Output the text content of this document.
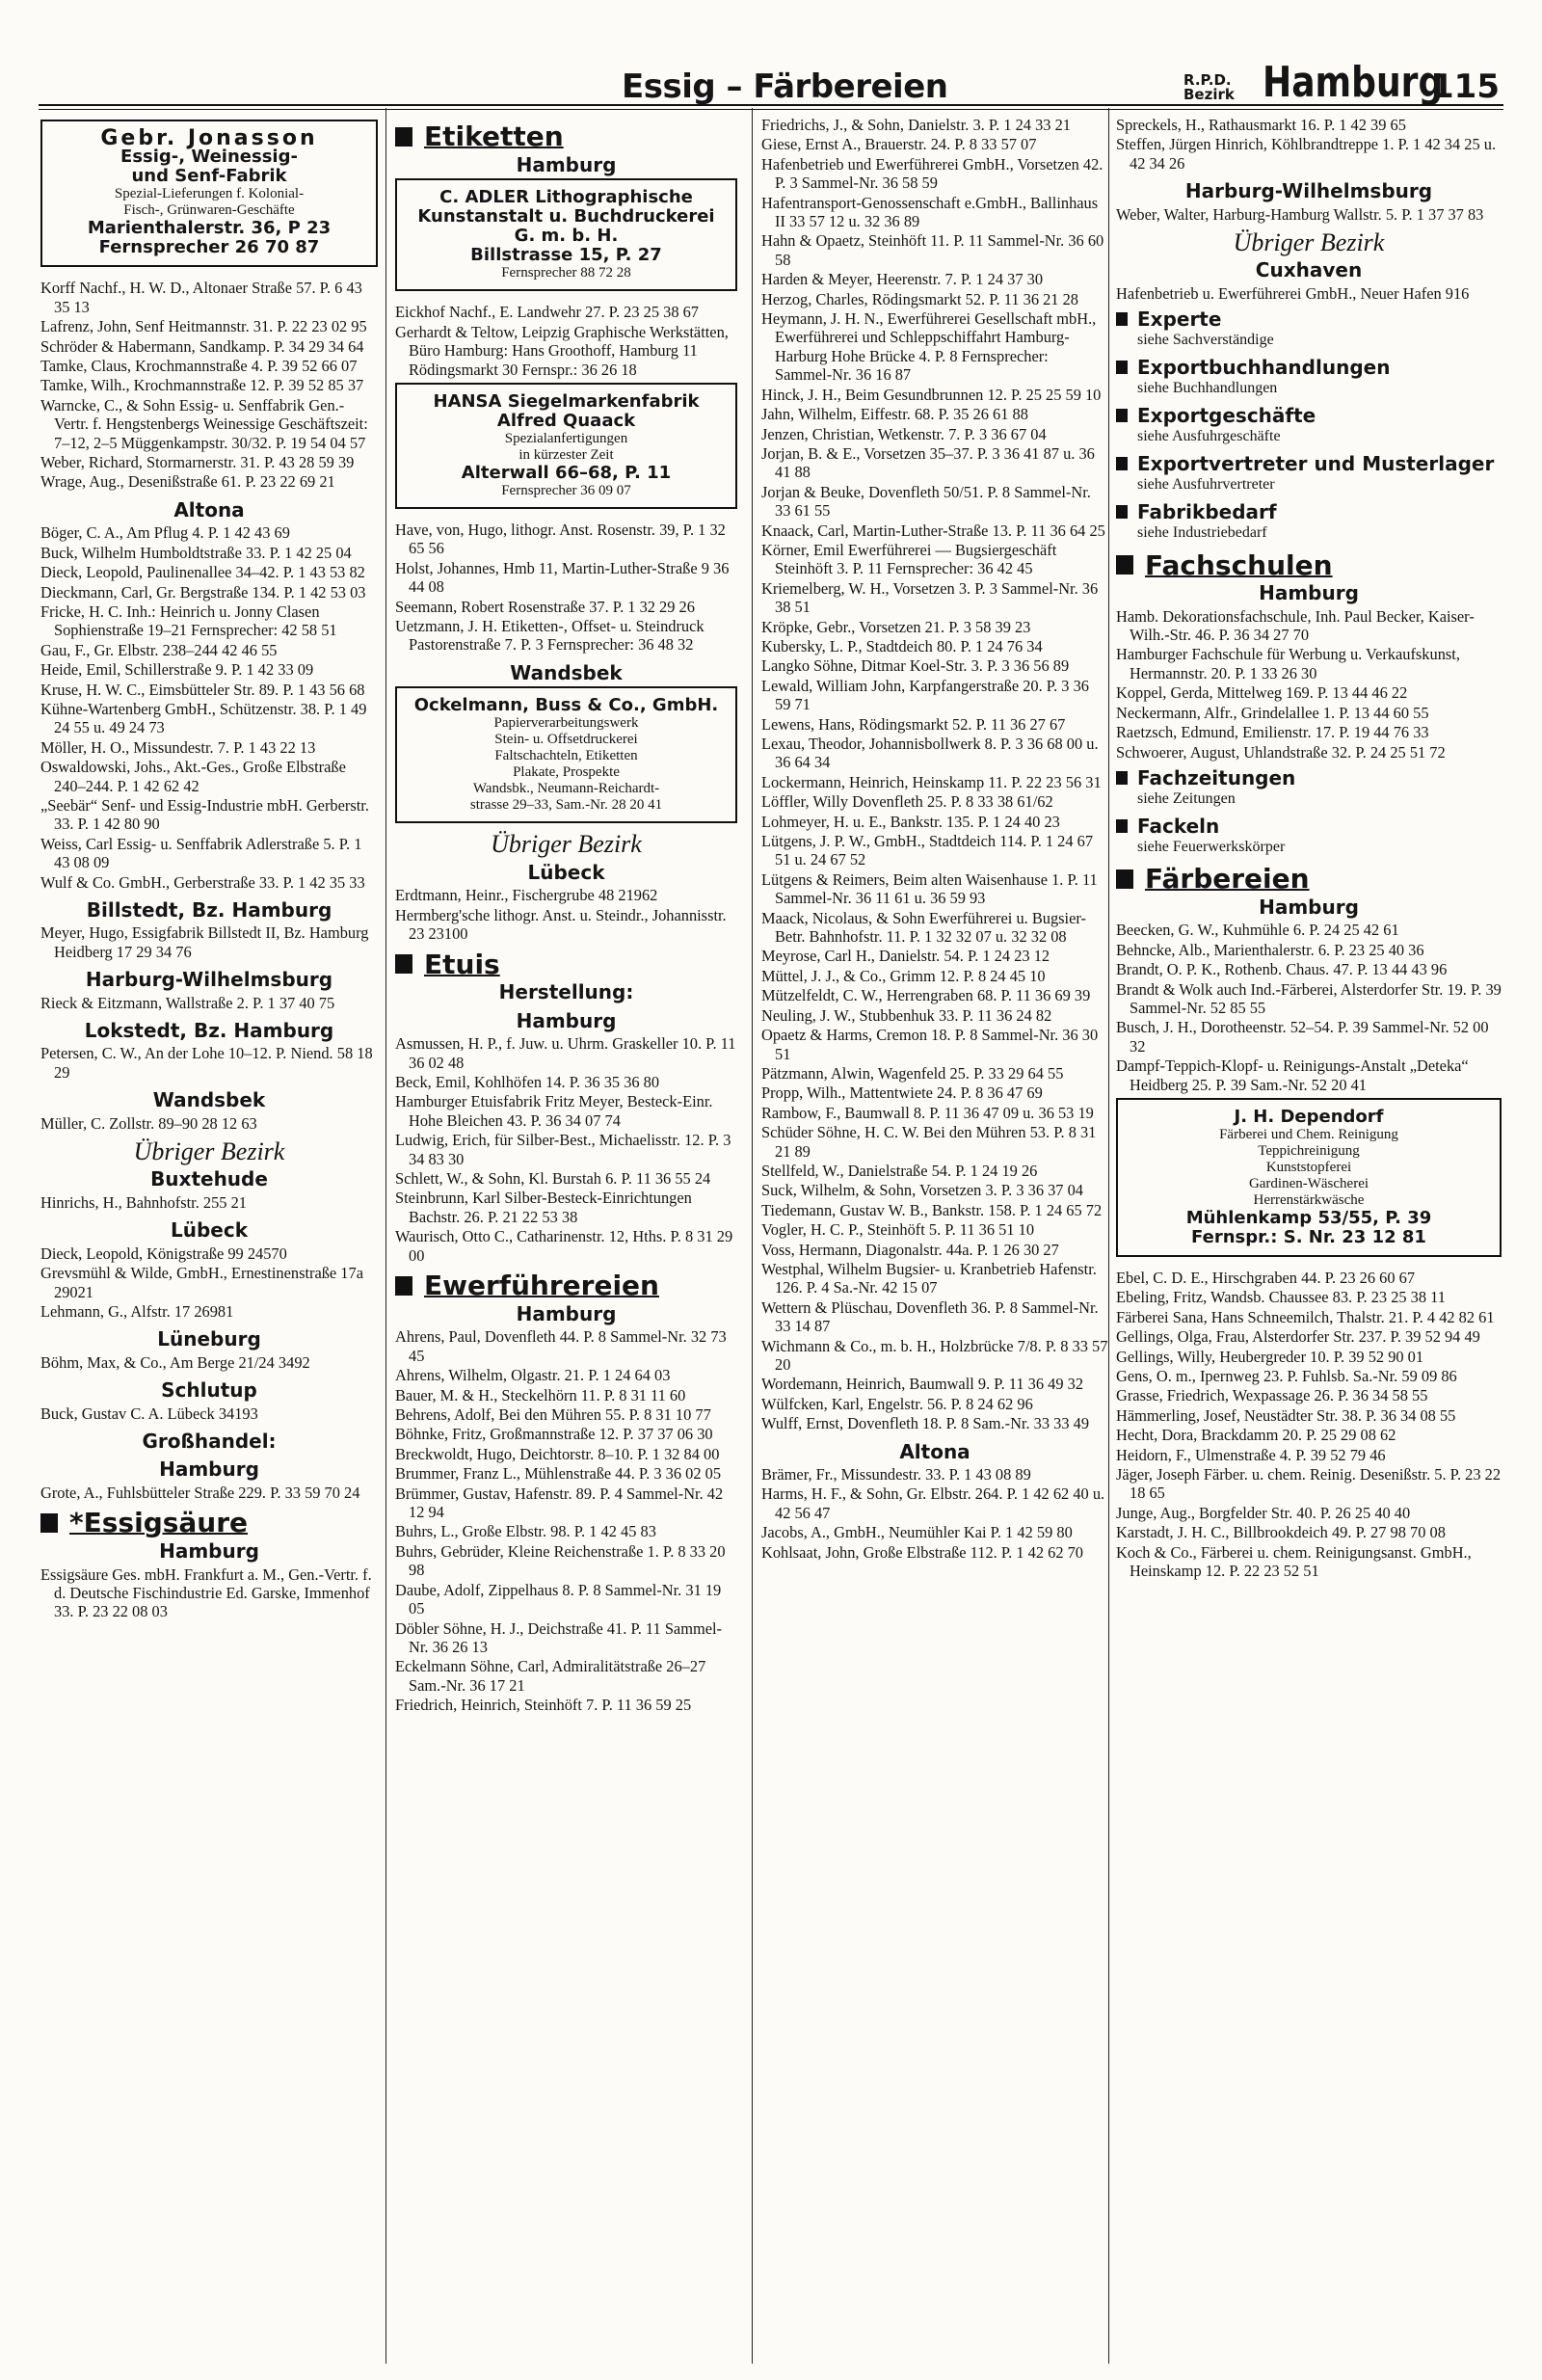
Essig – Färbereien	R.P.D.
Bezirk Hamburg
115
Gebr. Jonasson
Essig-, Weinessig-
und Senf-Fabrik
Spezial-Lieferungen f. Kolonial-
Fisch-, Grünwaren-Geschäfte
Marienthalerstr. 36, P 23
Fernsprecher 26 70 87
Korff Nachf., H. W. D., Altonaer Straße 57. P. 6 43 35 13
Lafrenz, John, Senf Heitmannstr. 31. P. 22 23 02 95
Schröder & Habermann, Sandkamp. P. 34 29 34 64
Tamke, Claus, Krochmannstraße 4. P. 39 52 66 07
Tamke, Wilh., Krochmannstraße 12. P. 39 52 85 37
Warncke, C., & Sohn Essig- u. Senffabrik Gen.-Vertr. f. Hengstenbergs Weinessige Geschäftszeit: 7–12, 2–5 Müggenkampstr. 30/32. P. 19 54 04 57
Weber, Richard, Stormarnerstr. 31. P. 43 28 59 39
Wrage, Aug., Desenißstraße 61. P. 23 22 69 21
Altona
Böger, C. A., Am Pflug 4. P. 1 42 43 69
Buck, Wilhelm Humboldtstraße 33. P. 1 42 25 04
Dieck, Leopold, Paulinenallee 34–42. P. 1 43 53 82
Dieckmann, Carl, Gr. Bergstraße 134. P. 1 42 53 03
Fricke, H. C. Inh.: Heinrich u. Jonny Clasen Sophienstraße 19–21 Fernsprecher: 42 58 51
Gau, F., Gr. Elbstr. 238–244 42 46 55
Heide, Emil, Schillerstraße 9. P. 1 42 33 09
Kruse, H. W. C., Eimsbütteler Str. 89. P. 1 43 56 68
Kühne-Wartenberg GmbH., Schützenstr. 38. P. 1 49 24 55 u. 49 24 73
Möller, H. O., Missundestr. 7. P. 1 43 22 13
Oswaldowski, Johs., Akt.-Ges., Große Elbstraße 240–244. P. 1 42 62 42
„Seebär“ Senf- und Essig-Industrie mbH. Gerberstr. 33. P. 1 42 80 90
Weiss, Carl Essig- u. Senffabrik Adlerstraße 5. P. 1 43 08 09
Wulf & Co. GmbH., Gerberstraße 33. P. 1 42 35 33
Billstedt, Bz. Hamburg
Meyer, Hugo, Essigfabrik Billstedt II, Bz. Hamburg Heidberg 17 29 34 76
Harburg-Wilhelmsburg
Rieck & Eitzmann, Wallstraße 2. P. 1 37 40 75
Lokstedt, Bz. Hamburg
Petersen, C. W., An der Lohe 10–12. P. Niend. 58 18 29
Wandsbek
Müller, C. Zollstr. 89–90 28 12 63
Übriger Bezirk
Buxtehude
Hinrichs, H., Bahnhofstr. 255 21
Lübeck
Dieck, Leopold, Königstraße 99 24570
Grevsmühl & Wilde, GmbH., Ernestinenstraße 17a 29021
Lehmann, G., Alfstr. 17 26981
Lüneburg
Böhm, Max, & Co., Am Berge 21/24 3492
Schlutup
Buck, Gustav C. A. Lübeck 34193
Großhandel:
Hamburg
Grote, A., Fuhlsbütteler Straße 229. P. 33 59 70 24
*Essigsäure
Hamburg
Essigsäure Ges. mbH. Frankfurt a. M., Gen.-Vertr. f. d. Deutsche Fischindustrie Ed. Garske, Immenhof 33. P. 23 22 08 03
Etiketten
Hamburg
C. ADLER Lithographische
Kunstanstalt u. Buchdruckerei
G. m. b. H.
Billstrasse 15, P. 27
Fernsprecher 88 72 28
Eickhof Nachf., E. Landwehr 27. P. 23 25 38 67
Gerhardt & Teltow, Leipzig Graphische Werkstätten, Büro Hamburg: Hans Groothoff, Hamburg 11 Rödingsmarkt 30 Fernspr.: 36 26 18
HANSA Siegelmarkenfabrik
Alfred Quaack
Spezialanfertigungen
in kürzester Zeit
Alterwall 66–68, P. 11
Fernsprecher 36 09 07
Have, von, Hugo, lithogr. Anst. Rosenstr. 39, P. 1 32 65 56
Holst, Johannes, Hmb 11, Martin-Luther-Straße 9 36 44 08
Seemann, Robert Rosenstraße 37. P. 1 32 29 26
Uetzmann, J. H. Etiketten-, Offset- u. Steindruck Pastorenstraße 7. P. 3 Fernsprecher: 36 48 32
Wandsbek
Ockelmann, Buss & Co., GmbH.
Papierverarbeitungswerk
Stein- u. Offsetdruckerei
Faltschachteln, Etiketten
Plakate, Prospekte
Wandsbk., Neumann-Reichardt-
strasse 29–33, Sam.-Nr. 28 20 41
Übriger Bezirk
Lübeck
Erdtmann, Heinr., Fischergrube 48 21962
Hermberg'sche lithogr. Anst. u. Steindr., Johannisstr. 23 23100
Etuis
Herstellung:
Hamburg
Asmussen, H. P., f. Juw. u. Uhrm. Graskeller 10. P. 11 36 02 48
Beck, Emil, Kohlhöfen 14. P. 36 35 36 80
Hamburger Etuisfabrik Fritz Meyer, Besteck-Einr. Hohe Bleichen 43. P. 36 34 07 74
Ludwig, Erich, für Silber-Best., Michaelisstr. 12. P. 3 34 83 30
Schlett, W., & Sohn, Kl. Burstah 6. P. 11 36 55 24
Steinbrunn, Karl Silber-Besteck-Einrichtungen Bachstr. 26. P. 21 22 53 38
Waurisch, Otto C., Catharinenstr. 12, Hths. P. 8 31 29 00
Ewerführereien
Hamburg
Ahrens, Paul, Dovenfleth 44. P. 8 Sammel-Nr. 32 73 45
Ahrens, Wilhelm, Olgastr. 21. P. 1 24 64 03
Bauer, M. & H., Steckelhörn 11. P. 8 31 11 60
Behrens, Adolf, Bei den Mühren 55. P. 8 31 10 77
Böhnke, Fritz, Großmannstraße 12. P. 37 37 06 30
Breckwoldt, Hugo, Deichtorstr. 8–10. P. 1 32 84 00
Brummer, Franz L., Mühlenstraße 44. P. 3 36 02 05
Brümmer, Gustav, Hafenstr. 89. P. 4 Sammel-Nr. 42 12 94
Buhrs, L., Große Elbstr. 98. P. 1 42 45 83
Buhrs, Gebrüder, Kleine Reichenstraße 1. P. 8 33 20 98
Daube, Adolf, Zippelhaus 8. P. 8 Sammel-Nr. 31 19 05
Döbler Söhne, H. J., Deichstraße 41. P. 11 Sammel-Nr. 36 26 13
Eckelmann Söhne, Carl, Admiralitätstraße 26–27 Sam.-Nr. 36 17 21
Friedrich, Heinrich, Steinhöft 7. P. 11 36 59 25
Friedrichs, J., & Sohn, Danielstr. 3. P. 1 24 33 21
Giese, Ernst A., Brauerstr. 24. P. 8 33 57 07
Hafenbetrieb und Ewerführerei GmbH., Vorsetzen 42. P. 3 Sammel-Nr. 36 58 59
Hafentransport-Genossenschaft e.GmbH., Ballinhaus II 33 57 12 u. 32 36 89
Hahn & Opaetz, Steinhöft 11. P. 11 Sammel-Nr. 36 60 58
Harden & Meyer, Heerenstr. 7. P. 1 24 37 30
Herzog, Charles, Rödingsmarkt 52. P. 11 36 21 28
Heymann, J. H. N., Ewerführerei Gesellschaft mbH., Ewerführerei und Schleppschiffahrt Hamburg-Harburg Hohe Brücke 4. P. 8 Fernsprecher: Sammel-Nr. 36 16 87
Hinck, J. H., Beim Gesundbrunnen 12. P. 25 25 59 10
Jahn, Wilhelm, Eiffestr. 68. P. 35 26 61 88
Jenzen, Christian, Wetkenstr. 7. P. 3 36 67 04
Jorjan, B. & E., Vorsetzen 35–37. P. 3 36 41 87 u. 36 41 88
Jorjan & Beuke, Dovenfleth 50/51. P. 8 Sammel-Nr. 33 61 55
Knaack, Carl, Martin-Luther-Straße 13. P. 11 36 64 25
Körner, Emil Ewerführerei — Bugsiergeschäft Steinhöft 3. P. 11 Fernsprecher: 36 42 45
Kriemelberg, W. H., Vorsetzen 3. P. 3 Sammel-Nr. 36 38 51
Kröpke, Gebr., Vorsetzen 21. P. 3 58 39 23
Kubersky, L. P., Stadtdeich 80. P. 1 24 76 34
Langko Söhne, Ditmar Koel-Str. 3. P. 3 36 56 89
Lewald, William John, Karpfangerstraße 20. P. 3 36 59 71
Lewens, Hans, Rödingsmarkt 52. P. 11 36 27 67
Lexau, Theodor, Johannisbollwerk 8. P. 3 36 68 00 u. 36 64 34
Lockermann, Heinrich, Heinskamp 11. P. 22 23 56 31
Löffler, Willy Dovenfleth 25. P. 8 33 38 61/62
Lohmeyer, H. u. E., Bankstr. 135. P. 1 24 40 23
Lütgens, J. P. W., GmbH., Stadtdeich 114. P. 1 24 67 51 u. 24 67 52
Lütgens & Reimers, Beim alten Waisenhause 1. P. 11 Sammel-Nr. 36 11 61 u. 36 59 93
Maack, Nicolaus, & Sohn Ewerführerei u. Bugsier-Betr. Bahnhofstr. 11. P. 1 32 32 07 u. 32 32 08
Meyrose, Carl H., Danielstr. 54. P. 1 24 23 12
Müttel, J. J., & Co., Grimm 12. P. 8 24 45 10
Mützelfeldt, C. W., Herrengraben 68. P. 11 36 69 39
Neuling, J. W., Stubbenhuk 33. P. 11 36 24 82
Opaetz & Harms, Cremon 18. P. 8 Sammel-Nr. 36 30 51
Pätzmann, Alwin, Wagenfeld 25. P. 33 29 64 55
Propp, Wilh., Mattentwiete 24. P. 8 36 47 69
Rambow, F., Baumwall 8. P. 11 36 47 09 u. 36 53 19
Schüder Söhne, H. C. W. Bei den Mühren 53. P. 8 31 21 89
Stellfeld, W., Danielstraße 54. P. 1 24 19 26
Suck, Wilhelm, & Sohn, Vorsetzen 3. P. 3 36 37 04
Tiedemann, Gustav W. B., Bankstr. 158. P. 1 24 65 72
Vogler, H. C. P., Steinhöft 5. P. 11 36 51 10
Voss, Hermann, Diagonalstr. 44a. P. 1 26 30 27
Westphal, Wilhelm Bugsier- u. Kranbetrieb Hafenstr. 126. P. 4 Sa.-Nr. 42 15 07
Wettern & Plüschau, Dovenfleth 36. P. 8 Sammel-Nr. 33 14 87
Wichmann & Co., m. b. H., Holzbrücke 7/8. P. 8 33 57 20
Wordemann, Heinrich, Baumwall 9. P. 11 36 49 32
Wülfcken, Karl, Engelstr. 56. P. 8 24 62 96
Wulff, Ernst, Dovenfleth 18. P. 8 Sam.-Nr. 33 33 49
Altona
Brämer, Fr., Missundestr. 33. P. 1 43 08 89
Harms, H. F., & Sohn, Gr. Elbstr. 264. P. 1 42 62 40 u. 42 56 47
Jacobs, A., GmbH., Neumühler Kai P. 1 42 59 80
Kohlsaat, John, Große Elbstraße 112. P. 1 42 62 70
Spreckels, H., Rathausmarkt 16. P. 1 42 39 65
Steffen, Jürgen Hinrich, Köhlbrandtreppe 1. P. 1 42 34 25 u. 42 34 26
Harburg-Wilhelmsburg
Weber, Walter, Harburg-Hamburg Wallstr. 5. P. 1 37 37 83
Übriger Bezirk
Cuxhaven
Hafenbetrieb u. Ewerführerei GmbH., Neuer Hafen 916
Experte
siehe Sachverständige
Exportbuchhandlungen
siehe Buchhandlungen
Exportgeschäfte
siehe Ausfuhrgeschäfte
Exportvertreter und Musterlager
siehe Ausfuhrvertreter
Fabrikbedarf
siehe Industriebedarf
Fachschulen
Hamburg
Hamb. Dekorationsfachschule, Inh. Paul Becker, Kaiser-Wilh.-Str. 46. P. 36 34 27 70
Hamburger Fachschule für Werbung u. Verkaufskunst, Hermannstr. 20. P. 1 33 26 30
Koppel, Gerda, Mittelweg 169. P. 13 44 46 22
Neckermann, Alfr., Grindelallee 1. P. 13 44 60 55
Raetzsch, Edmund, Emilienstr. 17. P. 19 44 76 33
Schwoerer, August, Uhlandstraße 32. P. 24 25 51 72
Fachzeitungen
siehe Zeitungen
Fackeln
siehe Feuerwerkskörper
Färbereien
Hamburg
Beecken, G. W., Kuhmühle 6. P. 24 25 42 61
Behncke, Alb., Marienthalerstr. 6. P. 23 25 40 36
Brandt, O. P. K., Rothenb. Chaus. 47. P. 13 44 43 96
Brandt & Wolk auch Ind.-Färberei, Alsterdorfer Str. 19. P. 39 Sammel-Nr. 52 85 55
Busch, J. H., Dorotheenstr. 52–54. P. 39 Sammel-Nr. 52 00 32
Dampf-Teppich-Klopf- u. Reinigungs-Anstalt „Deteka“ Heidberg 25. P. 39 Sam.-Nr. 52 20 41
J. H. Dependorf
Färberei und Chem. Reinigung
Teppichreinigung
Kunststopferei
Gardinen-Wäscherei
Herrenstärkwäsche
Mühlenkamp 53/55, P. 39
Fernspr.: S. Nr. 23 12 81
Ebel, C. D. E., Hirschgraben 44. P. 23 26 60 67
Ebeling, Fritz, Wandsb. Chaussee 83. P. 23 25 38 11
Färberei Sana, Hans Schneemilch, Thalstr. 21. P. 4 42 82 61
Gellings, Olga, Frau, Alsterdorfer Str. 237. P. 39 52 94 49
Gellings, Willy, Heubergreder 10. P. 39 52 90 01
Gens, O. m., Ipernweg 23. P. Fuhlsb. Sa.-Nr. 59 09 86
Grasse, Friedrich, Wexpassage 26. P. 36 34 58 55
Hämmerling, Josef, Neustädter Str. 38. P. 36 34 08 55
Hecht, Dora, Brackdamm 20. P. 25 29 08 62
Heidorn, F., Ulmenstraße 4. P. 39 52 79 46
Jäger, Joseph Färber. u. chem. Reinig. Desenißstr. 5. P. 23 22 18 65
Junge, Aug., Borgfelder Str. 40. P. 26 25 40 40
Karstadt, J. H. C., Billbrookdeich 49. P. 27 98 70 08
Koch & Co., Färberei u. chem. Reinigungsanst. GmbH., Heinskamp 12. P. 22 23 52 51
